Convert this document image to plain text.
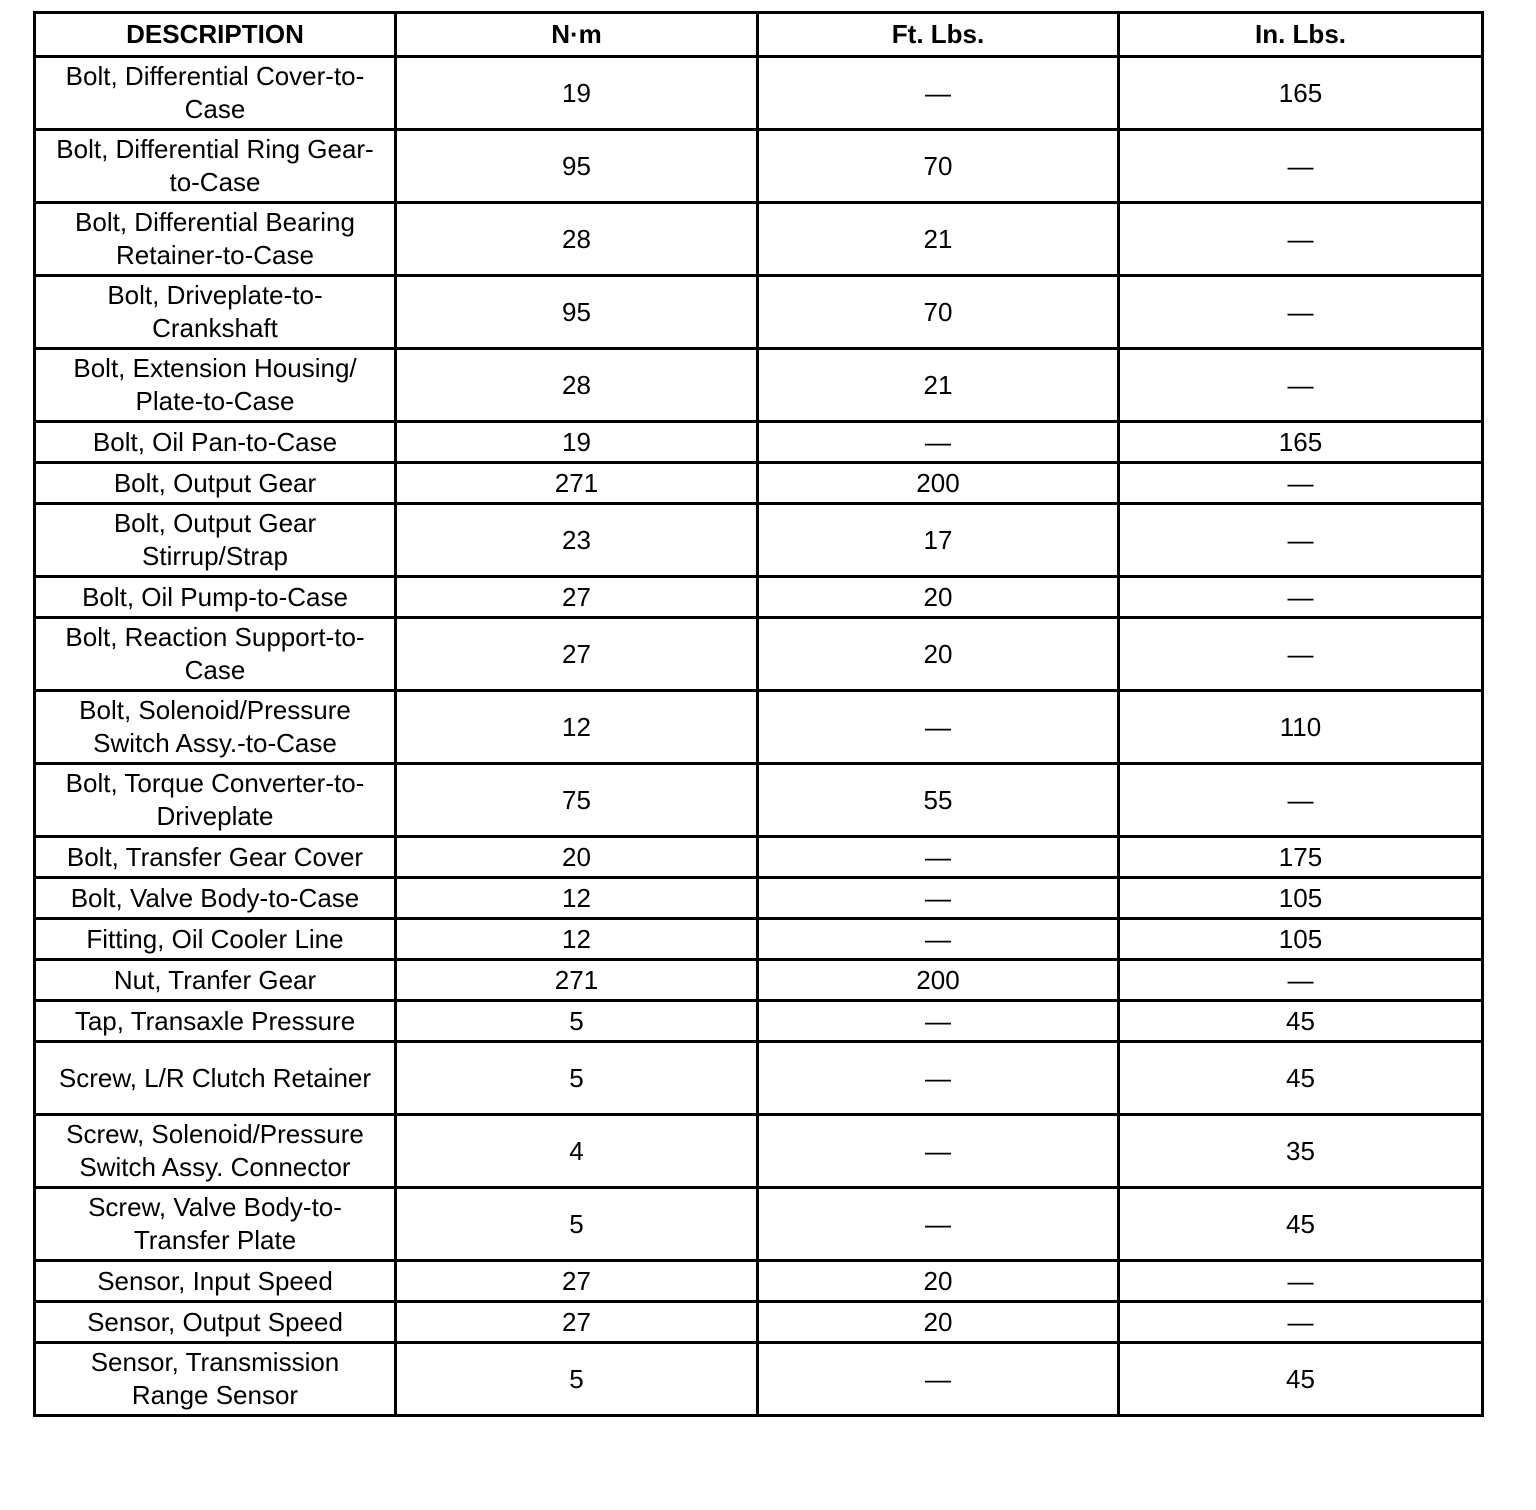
DESCRIPTION	N·m	Ft. Lbs.	In. Lbs.
Bolt, Differential Cover-to-Case	19	—	165
Bolt, Differential Ring Gear-to-Case	95	70	—
Bolt, Differential Bearing Retainer-to-Case	28	21	—
Bolt, Driveplate-to-Crankshaft	95	70	—
Bolt, Extension Housing/ Plate-to-Case	28	21	—
Bolt, Oil Pan-to-Case	19	—	165
Bolt, Output Gear	271	200	—
Bolt, Output Gear Stirrup/Strap	23	17	—
Bolt, Oil Pump-to-Case	27	20	—
Bolt, Reaction Support-to-Case	27	20	—
Bolt, Solenoid/Pressure Switch Assy.-to-Case	12	—	110
Bolt, Torque Converter-to-Driveplate	75	55	—
Bolt, Transfer Gear Cover	20	—	175
Bolt, Valve Body-to-Case	12	—	105
Fitting, Oil Cooler Line	12	—	105
Nut, Tranfer Gear	271	200	—
Tap, Transaxle Pressure	5	—	45
Screw, L/R Clutch Retainer	5	—	45
Screw, Solenoid/Pressure Switch Assy. Connector	4	—	35
Screw, Valve Body-to-Transfer Plate	5	—	45
Sensor, Input Speed	27	20	—
Sensor, Output Speed	27	20	—
Sensor, Transmission Range Sensor	5	—	45
